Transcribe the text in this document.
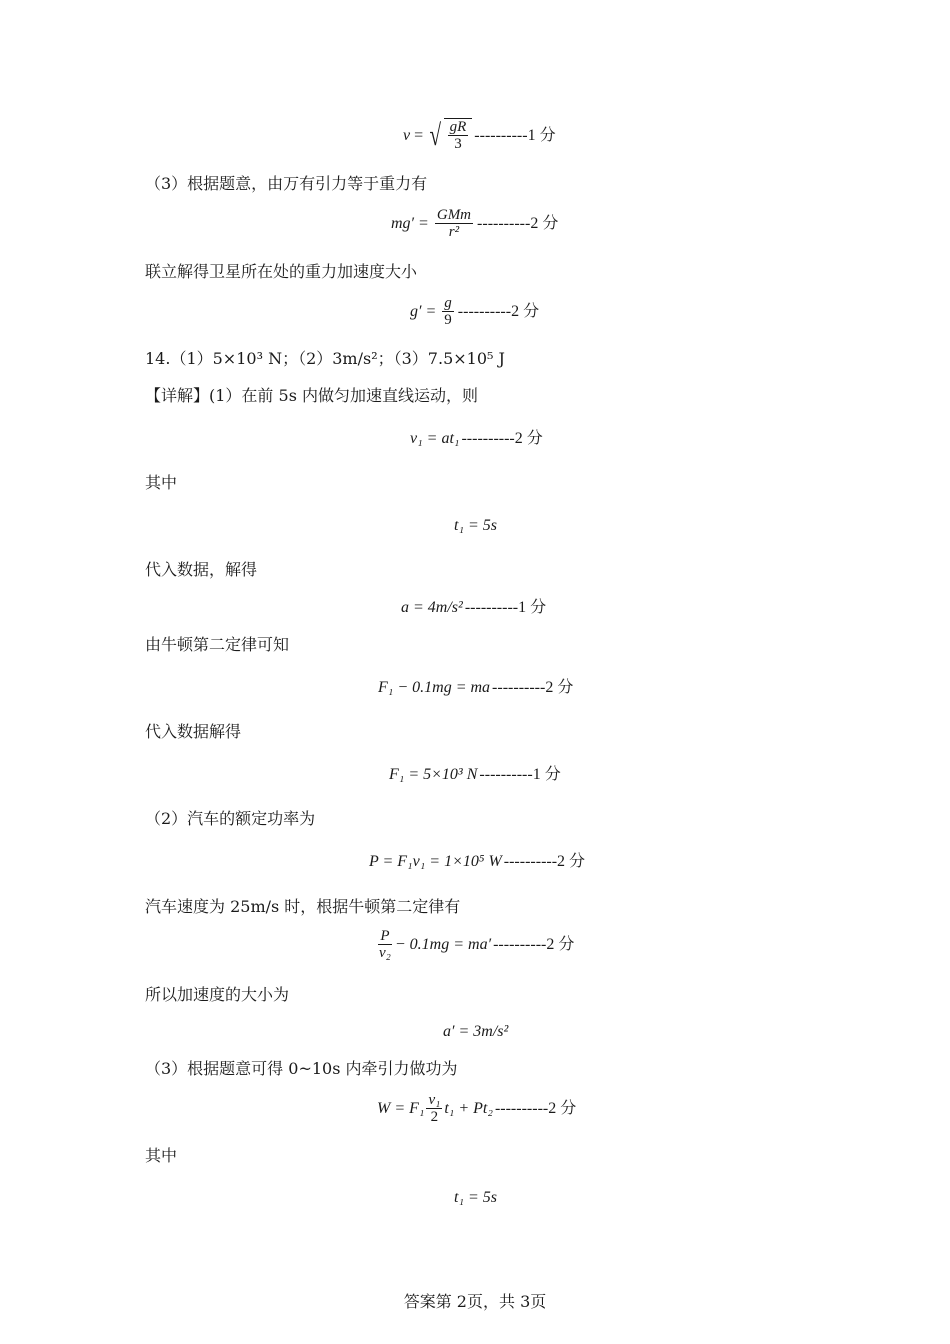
v = √ $\frac{gR}{3} ----------1$ 分
（3）根据题意，由万有引力等于重力有
mg′ =
$\frac{\text{GMm}}{\text{r²}} ----------2$ 分
联立解得卫星所在处的重力加速度大小
g′ =
$\frac{g}{9} ----------2$ 分
14.（1）5×10³ N；（2）3m/s²；（3）7.5×10⁵ J
【详解】(1）在前 5s 内做匀加速直线运动，则
v₁ = at₁ ----------2 分
其中
t₁ = 5s
代入数据，解得
a = 4m/s² ----------1 分
由牛顿第二定律可知
F₁ − 0.1mg = ma ----------2 分
代入数据解得
F₁ = 5×10³ N ----------1 分
（2）汽车的额定功率为
P = F₁v₁ = 1×10⁵ W ----------2 分
汽车速度为 25m/s 时，根据牛顿第二定律有
$\frac{P}{\text{v₂}} - 0.1mg = ma'$ ----------2 分
所以加速度的大小为
a′ = 3m/s²
（3）根据题意可得 0~10s 内牵引力做功为
$W = F_1 \frac{\text{v₁}}{2} t_1 + Pt_2$ ----------2 分
其中
t₁ = 5s
答案第 2页，共 3页
